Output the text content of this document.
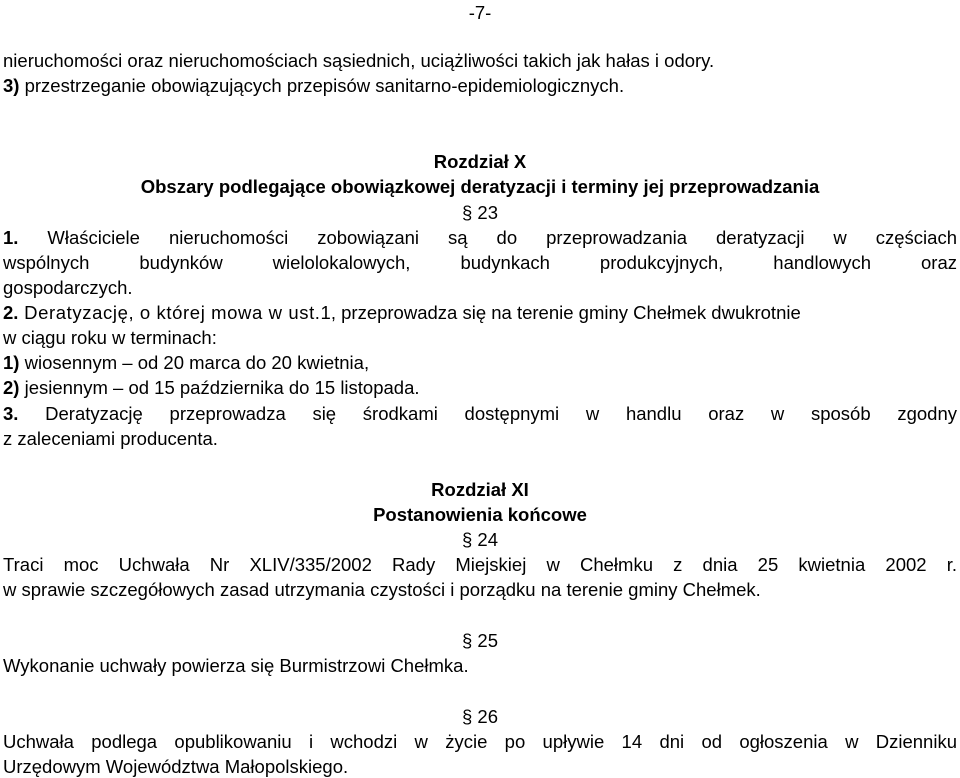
-7-
nieruchomości oraz nieruchomościach sąsiednich, uciążliwości takich jak hałas i odory.
3) przestrzeganie obowiązujących przepisów sanitarno-epidemiologicznych.
Rozdział X
Obszary podlegające obowiązkowej deratyzacji i terminy jej przeprowadzania
§ 23
1. Właściciele nieruchomości zobowiązani są do przeprowadzania deratyzacji w częściach
wspólnych budynków wielolokalowych, budynkach produkcyjnych, handlowych oraz
gospodarczych.
2. Deratyzację, o której mowa w ust.1, przeprowadza się na terenie gminy Chełmek dwukrotnie
w ciągu roku w terminach:
1) wiosennym – od 20 marca do 20 kwietnia,
2) jesiennym – od 15 października do 15 listopada.
3. Deratyzację przeprowadza się środkami dostępnymi w handlu oraz w sposób zgodny
z zaleceniami producenta.
Rozdział XI
Postanowienia końcowe
§ 24
Traci moc Uchwała Nr XLIV/335/2002 Rady Miejskiej w Chełmku z dnia 25 kwietnia 2002 r.
w sprawie szczegółowych zasad utrzymania czystości i porządku na terenie gminy Chełmek.
§ 25
Wykonanie uchwały powierza się Burmistrzowi Chełmka.
§ 26
Uchwała podlega opublikowaniu i wchodzi w życie po upływie 14 dni od ogłoszenia w Dzienniku
Urzędowym Województwa Małopolskiego.
